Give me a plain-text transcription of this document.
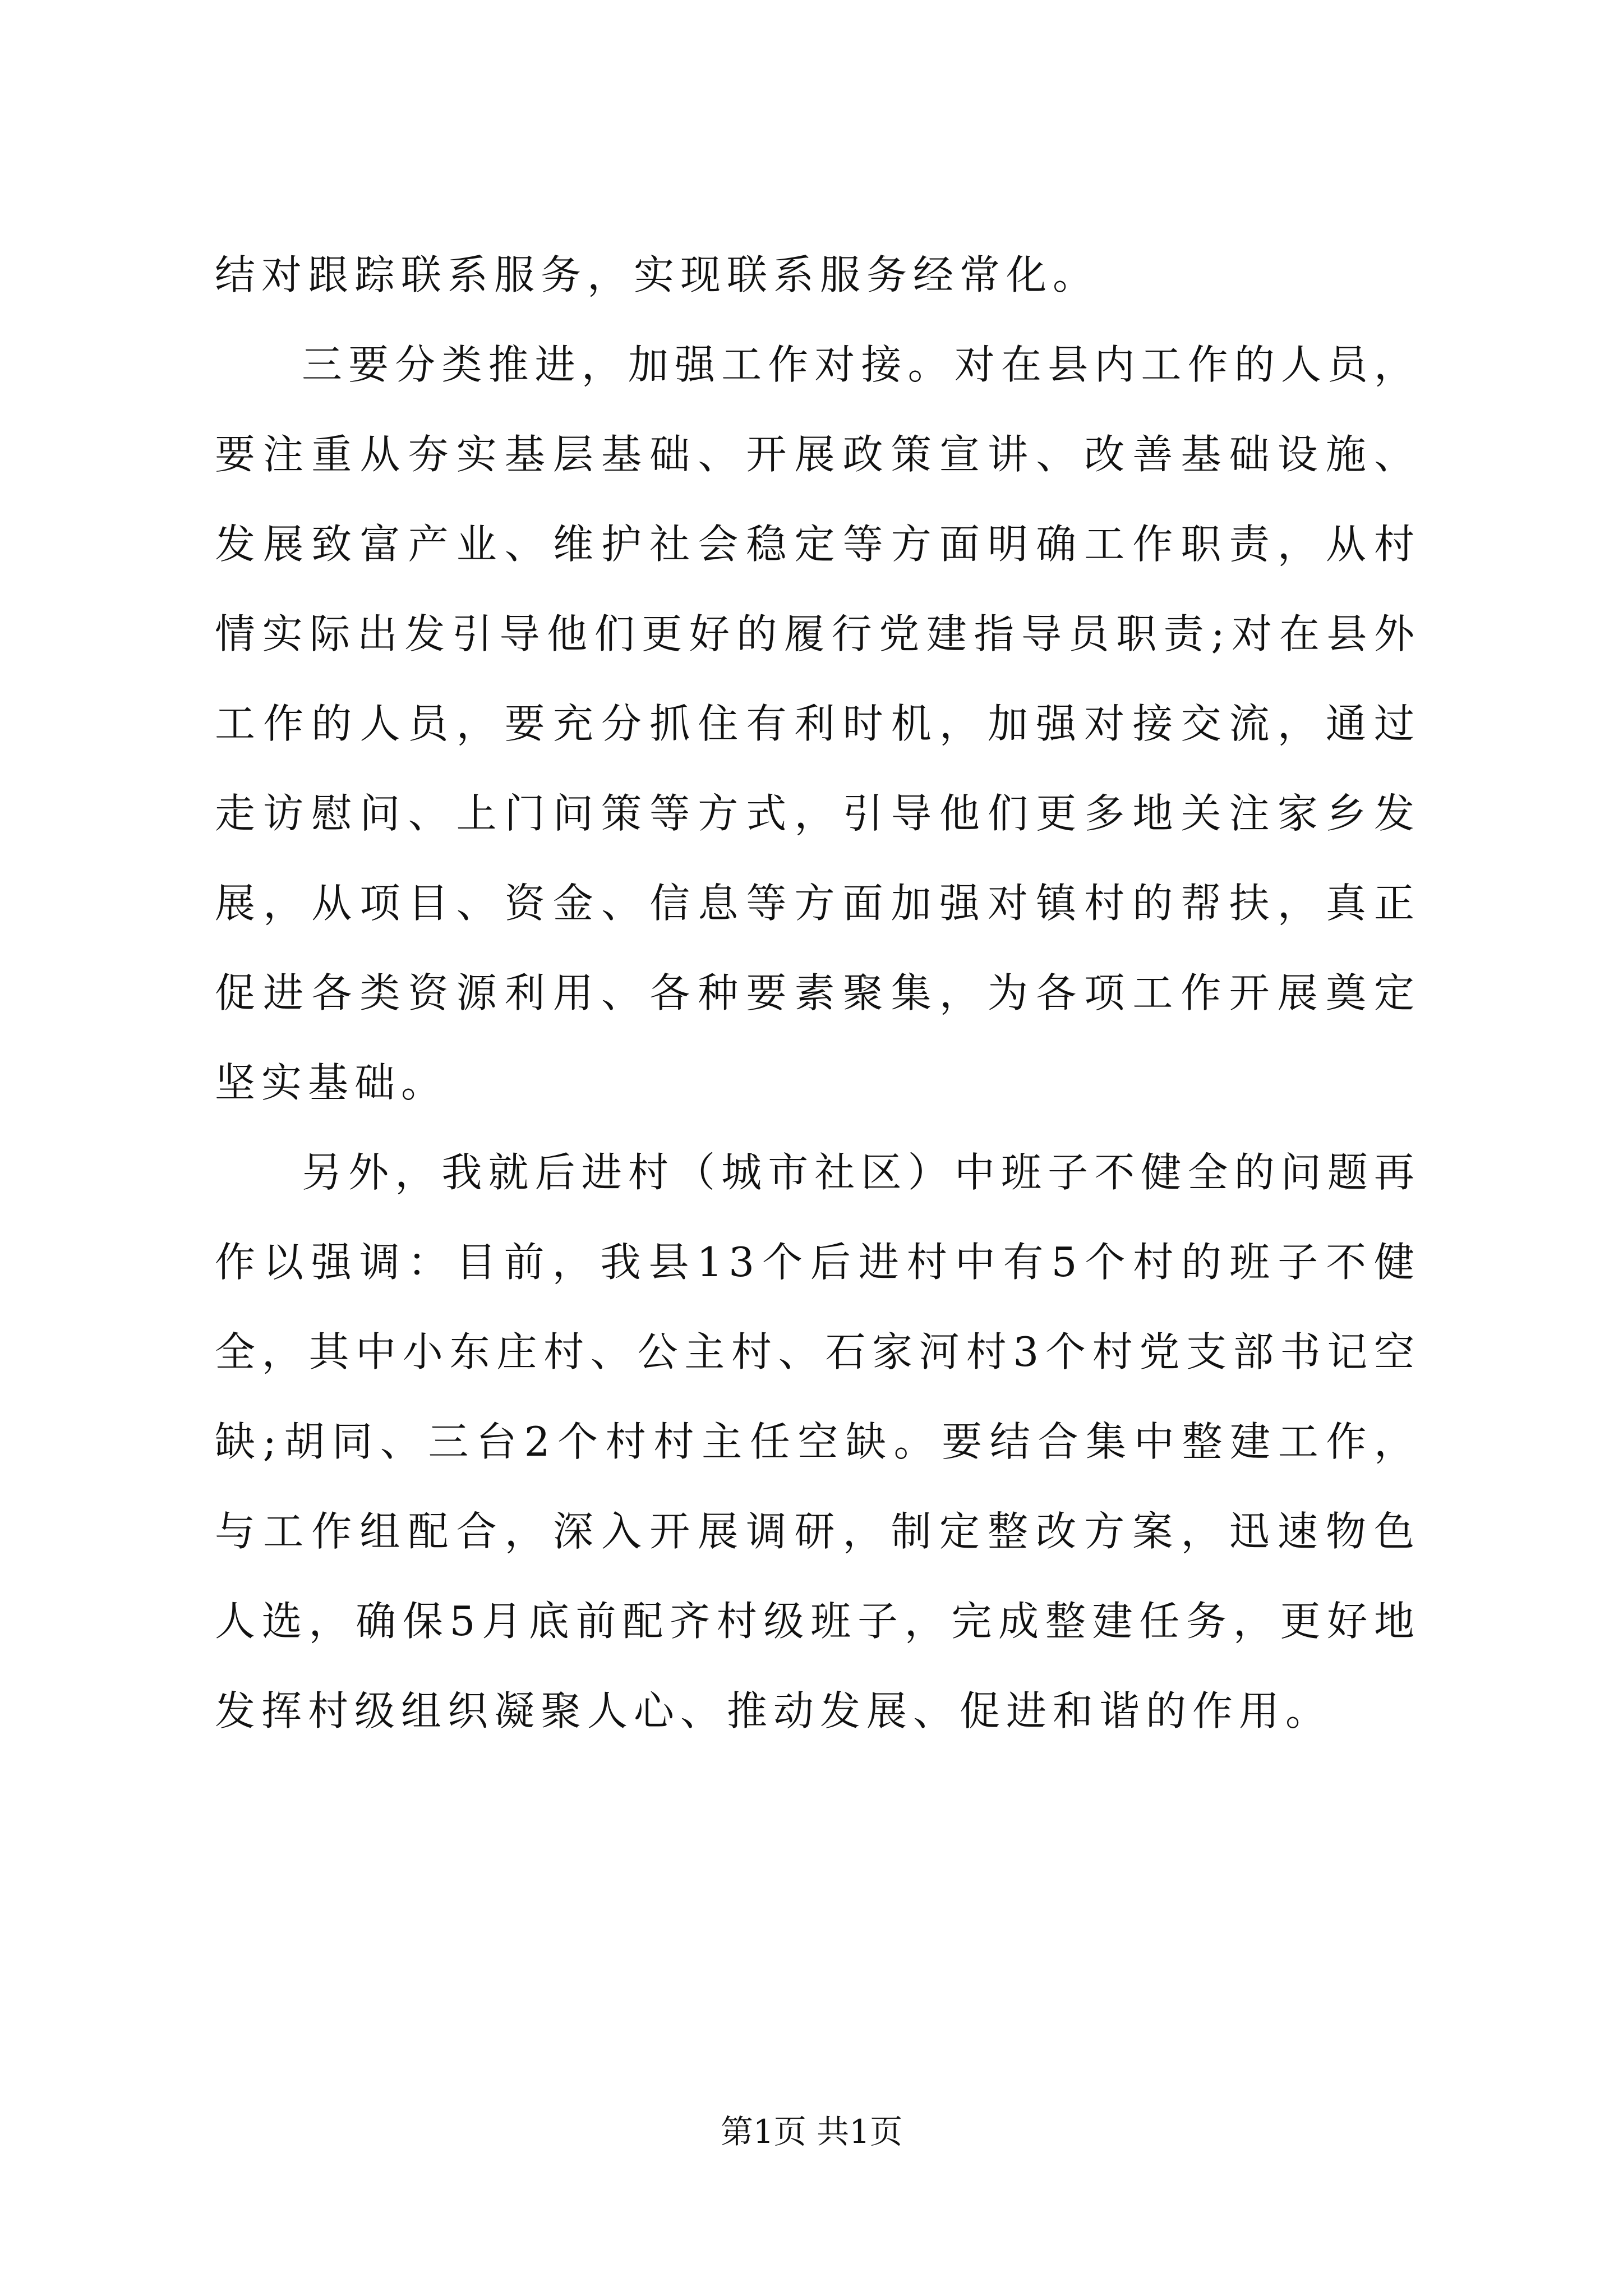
结对跟踪联系服务，实现联系服务经常化。

三要分类推进，加强工作对接。对在县内工作的人员，要注重从夯实基层基础、开展政策宣讲、改善基础设施、发展致富产业、维护社会稳定等方面明确工作职责，从村情实际出发引导他们更好的履行党建指导员职责;对在县外工作的人员，要充分抓住有利时机，加强对接交流，通过走访慰问、上门问策等方式，引导他们更多地关注家乡发展，从项目、资金、信息等方面加强对镇村的帮扶，真正促进各类资源利用、各种要素聚集，为各项工作开展奠定坚实基础。

另外，我就后进村（城市社区）中班子不健全的问题再作以强调：目前，我县13个后进村中有5个村的班子不健全，其中小东庄村、公主村、石家河村3个村党支部书记空缺;胡同、三台2个村村主任空缺。要结合集中整建工作，与工作组配合，深入开展调研，制定整改方案，迅速物色人选，确保5月底前配齐村级班子，完成整建任务，更好地发挥村级组织凝聚人心、推动发展、促进和谐的作用。

第1页 共1页
